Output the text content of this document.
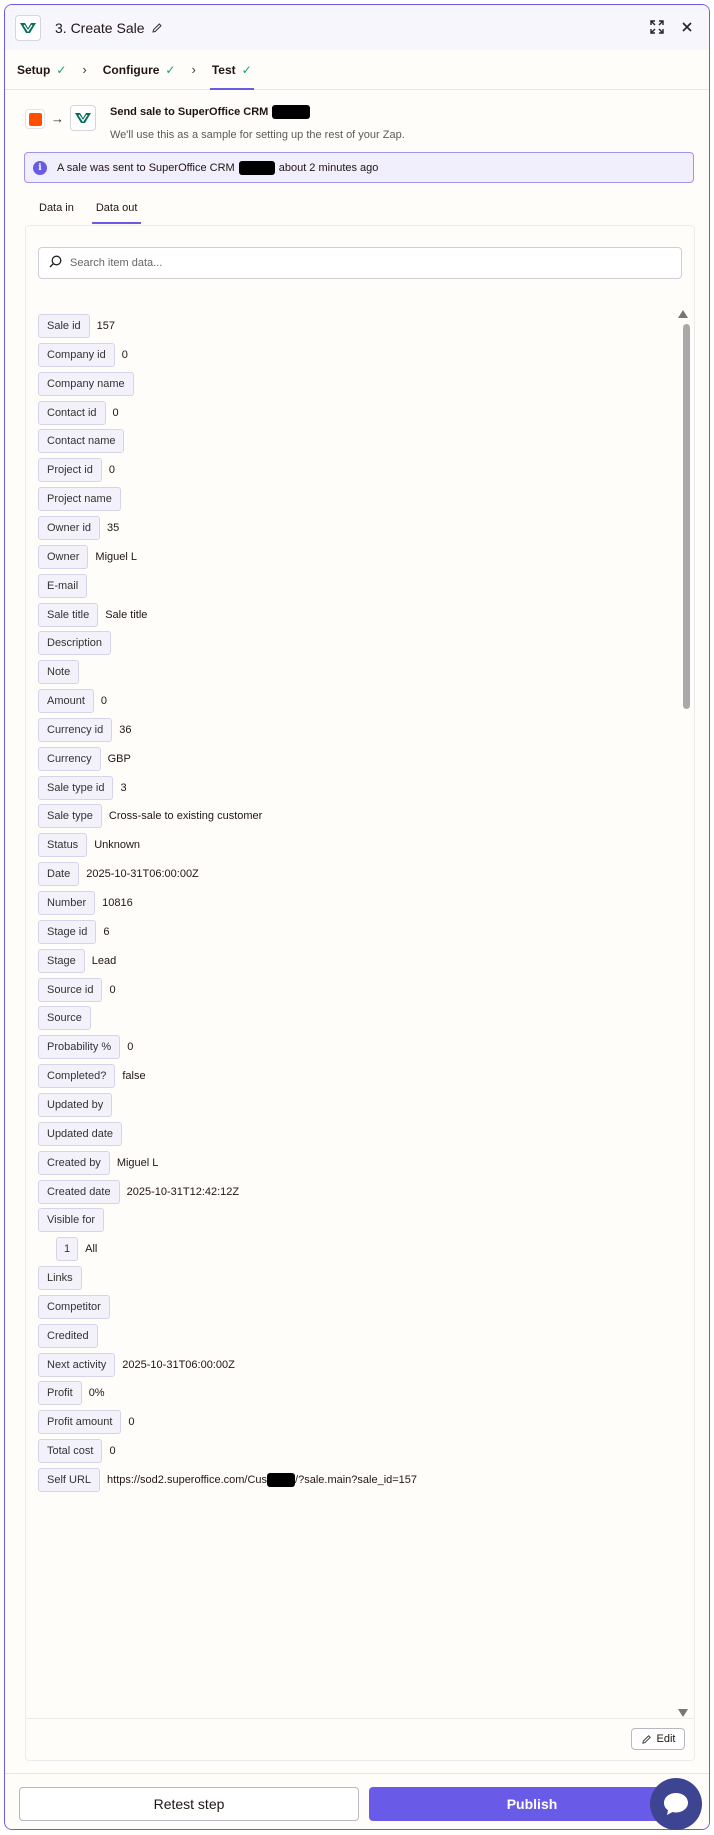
3. Create Sale
Setup ✓ › Configure ✓ › Test ✓
→	Send sale to SuperOffice CRM
We'll use this as a sample for setting up the rest of your Zap.
i	A sale was sent to SuperOffice CRM	about 2 minutes ago
Data in	Data out
Search item data...
Sale id	157
Company id	0
Company name
Contact id	0
Contact name
Project id	0
Project name
Owner id	35
Owner	Miguel L
E-mail
Sale title	Sale title
Description
Note
Amount	0
Currency id	36
Currency	GBP
Sale type id	3
Sale type	Cross-sale to existing customer
Status	Unknown
Date	2025-10-31T06:00:00Z
Number	10816
Stage id	6
Stage	Lead
Source id	0
Source
Probability %	0
Completed?	false
Updated by
Updated date
Created by	Miguel L
Created date	2025-10-31T12:42:12Z
Visible for
1	All
Links
Competitor
Credited
Next activity	2025-10-31T06:00:00Z
Profit	0%
Profit amount	0
Total cost	0
Self URL	https://sod2.superoffice.com/Cus	/?sale.main?sale_id=157
Edit
Retest step	Publish
